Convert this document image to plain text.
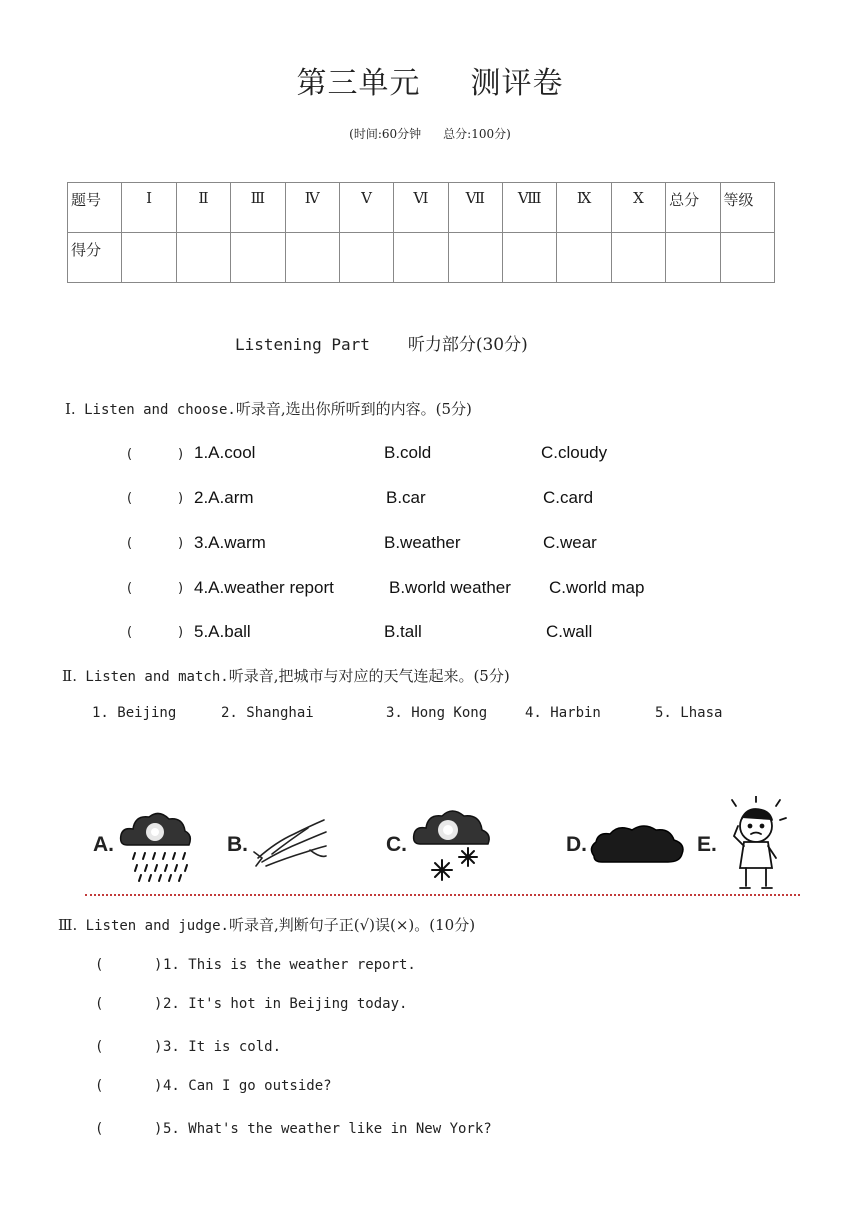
第三单元 测评卷
(时间:60分钟 总分:100分)
题号	Ⅰ	Ⅱ	Ⅲ	Ⅳ	Ⅴ	Ⅵ	Ⅶ	Ⅷ	Ⅸ	Ⅹ	总分	等级
得分												
Listening Part 听力部分(30分)
Ⅰ. Listen and choose.听录音,选出你所听到的内容。(5分)
(	) 1.A.cool	B.cold	C.cloudy
(	) 2.A.arm	B.car	C.card
(	) 3.A.warm	B.weather	C.wear
(	) 4.A.weather report	B.world weather C.world map
(	) 5.A.ball	B.tall	C.wall
Ⅱ. Listen and match.听录音,把城市与对应的天气连起来。(5分)
1. Beijing	2. Shanghai	3. Hong Kong	4. Harbin	5. Lhasa
A.	B.	C.	D.	E.
Ⅲ. Listen and judge.听录音,判断句子正(√)误(×)。(10分)
(	) 1. This is the weather report.
(	) 2. It's hot in Beijing today.
(	) 3. It is cold.
(	) 4. Can I go outside?
(	) 5. What's the weather like in New York?
